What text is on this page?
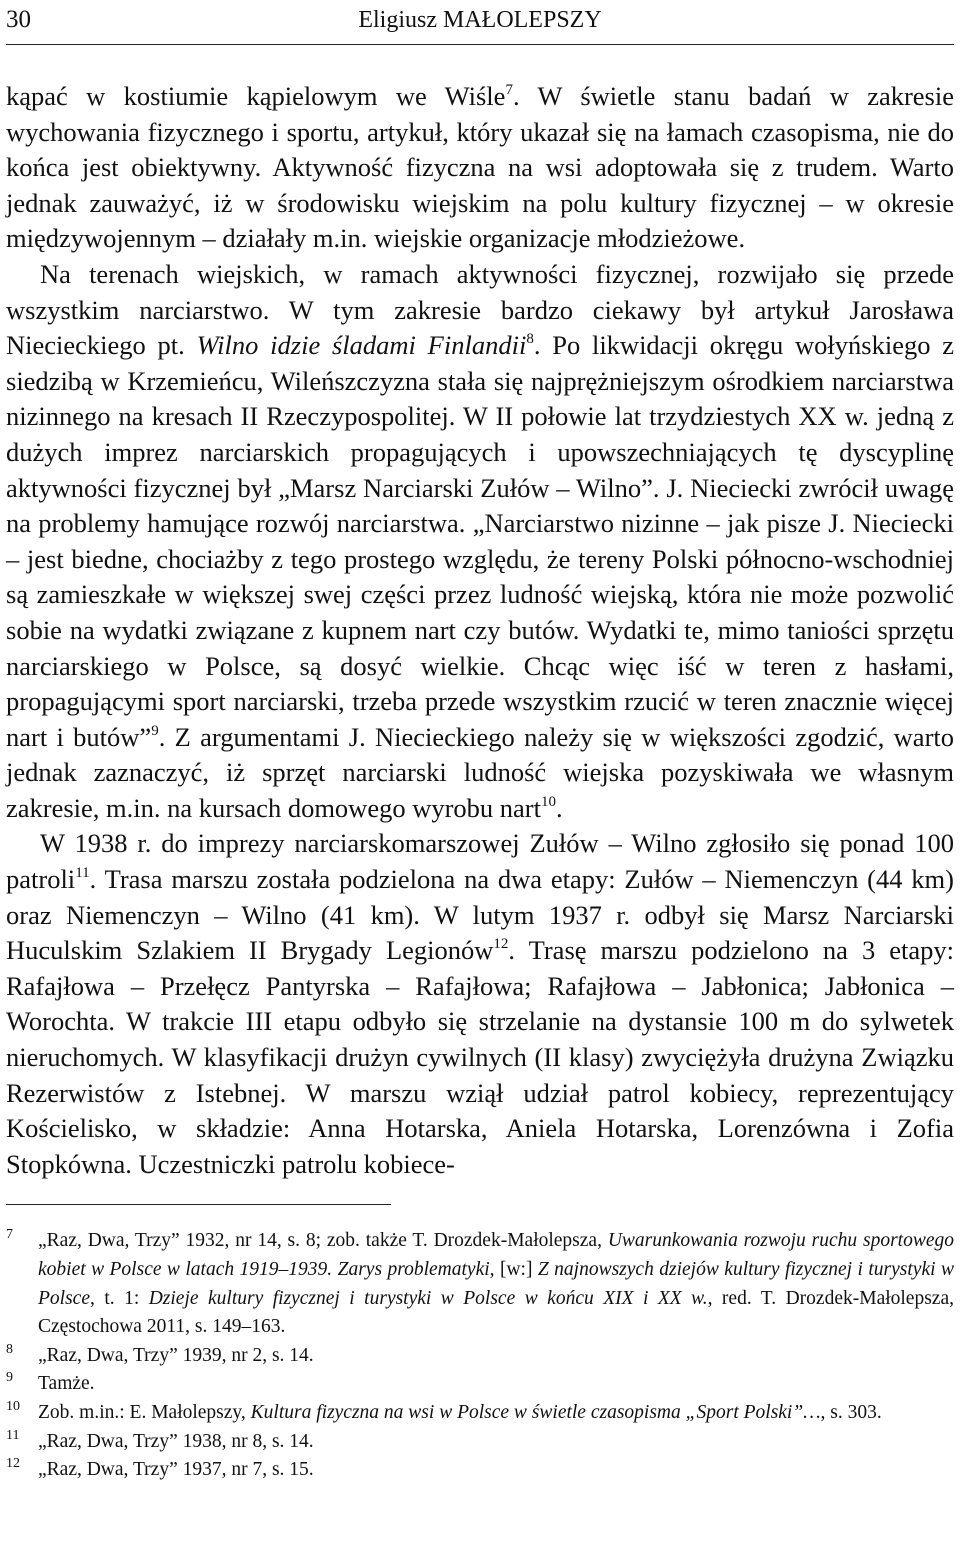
30	Eligiusz MAŁOLEPSZY

kąpać w kostiumie kąpielowym we Wiśle$^7$. W świetle stanu badań w zakresie wychowania fizycznego i sportu, artykuł, który ukazał się na łamach czasopisma, nie do końca jest obiektywny. Aktywność fizyczna na wsi adoptowała się z trudem. Warto jednak zauważyć, iż w środowisku wiejskim na polu kultury fizycznej – w okresie międzywojennym – działały m.in. wiejskie organizacje młodzieżowe.

Na terenach wiejskich, w ramach aktywności fizycznej, rozwijało się przede wszystkim narciarstwo. W tym zakresie bardzo ciekawy był artykuł Jarosława Niecieckiego pt. Wilno idzie śladami Finlandii$^8$. Po likwidacji okręgu wołyńskiego z siedzibą w Krzemieńcu, Wileńszczyzna stała się najprężniejszym ośrodkiem narciarstwa nizinnego na kresach II Rzeczypospolitej. W II połowie lat trzydziestych XX w. jedną z dużych imprez narciarskich propagujących i upowszechniających tę dyscyplinę aktywności fizycznej był „Marsz Narciarski Zułów – Wilno”. J. Nieciecki zwrócił uwagę na problemy hamujące rozwój narciarstwa. „Narciarstwo nizinne – jak pisze J. Niecіecki – jest biedne, chociażby z tego prostego względu, że tereny Polski północno-wschodniej są zamieszkałe w większej swej części przez ludność wiejską, która nie może pozwolić sobie na wydatki związane z kupnem nart czy butów. Wydatki te, mimo taniości sprzętu narciarskiego w Polsce, są dosyć wielkie. Chcąc więc iść w teren z hasłami, propagującymi sport narciarski, trzeba przede wszystkim rzucić w teren znacznie więcej nart i butów”$^9$. Z argumentami J. Niecieckiego należy się w większości zgodzić, warto jednak zaznaczyć, iż sprzęt narciarski ludność wiejska pozyskiwała we własnym zakresie, m.in. na kursach domowego wyrobu nart$^{10}$.

W 1938 r. do imprezy narciarskomarszowej Zułów – Wilno zgłosiło się ponad 100 patroli$^{11}$. Trasa marszu została podzielona na dwa etapy: Zułów – Niemenczyn (44 km) oraz Niemenczyn – Wilno (41 km). W lutym 1937 r. odbył się Marsz Narciarski Huculskim Szlakiem II Brygady Legionów$^{12}$. Trasę marszu podzielono na 3 etapy: Rafajłowa – Przełęcz Pantyrska – Rafajłowa; Rafajłowa – Jabłonica; Jabłonica – Worochta. W trakcie III etapu odbyło się strzelanie na dystansie 100 m do sylwetek nieruchomych. W klasyfikacji drużyn cywilnych (II klasy) zwyciężyła drużyna Związku Rezerwistów z Istebnej. W marszu wziął udział patrol kobiecy, reprezentujący Kościelisko, w składzie: Anna Hotarska, Aniela Hotarska, Lorenzówna i Zofia Stopkówna. Uczestniczki patrolu kobiece-

7 „Raz, Dwa, Trzy” 1932, nr 14, s. 8; zob. także T. Drozdek-Małolepsza, Uwarunkowania rozwoju ruchu sportowego kobiet w Polsce w latach 1919–1939. Zarys problematyki, [w:] Z najnowszych dziejów kultury fizycznej i turystyki w Polsce, t. 1: Dzieje kultury fizycznej i turystyki w Polsce w końcu XIX i XX w., red. T. Drozdek-Małolepsza, Częstochowa 2011, s. 149–163.
8 „Raz, Dwa, Trzy” 1939, nr 2, s. 14.
9 Tamże.
10 Zob. m.in.: E. Małolepszy, Kultura fizyczna na wsi w Polsce w świetle czasopisma „Sport Polski”…, s. 303.
11 „Raz, Dwa, Trzy” 1938, nr 8, s. 14.
12 „Raz, Dwa, Trzy” 1937, nr 7, s. 15.
